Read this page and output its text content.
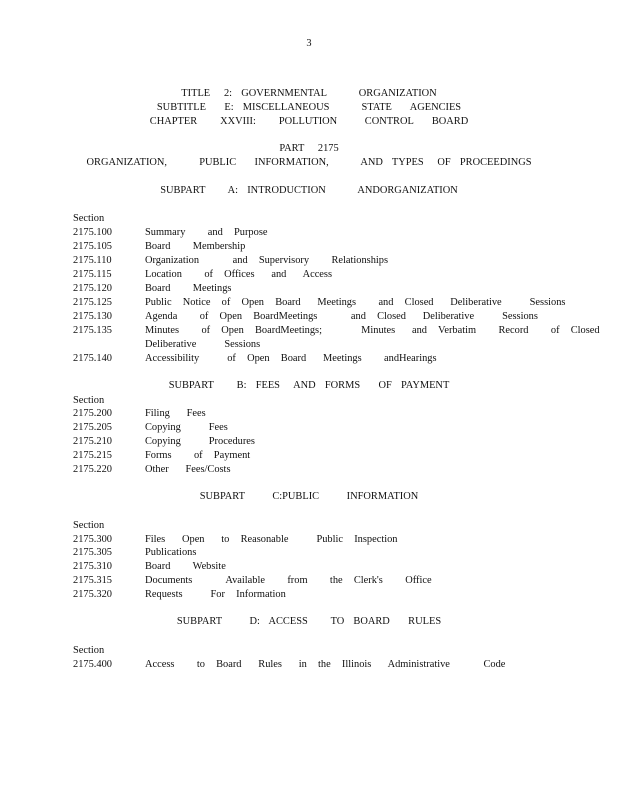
3
TITLE   2:  GOVERNMENTAL       ORGANIZATION
SUBTITLE    E:  MISCELLANEOUS       STATE    AGENCIES
CHAPTER     XXVIII:     POLLUTION      CONTROL    BOARD
PART   2175
ORGANIZATION,       PUBLIC    INFORMATION,       AND  TYPES   OF  PROCEEDINGS
SUBPART     A:  INTRODUCTION       ANDORGANIZATION
Section
2175.100	Summary    and  Purpose
2175.105	Board    Membership
2175.110	Organization      and  Supervisory    Relationships
2175.115	Location    of  Offices   and   Access
2175.120	Board    Meetings
2175.125	Public  Notice  of  Open  Board   Meetings    and  Closed   Deliberative     Sessions
2175.130	Agenda    of  Open  BoardMeetings      and  Closed   Deliberative     Sessions
2175.135	Minutes    of  Open  BoardMeetings;       Minutes   and  Verbatim    Record    of  Closed
Deliberative     Sessions
2175.140	Accessibility     of  Open  Board   Meetings    andHearings
SUBPART     B:  FEES   AND  FORMS    OF  PAYMENT
Section
2175.200	Filing   Fees
2175.205	Copying     Fees
2175.210	Copying     Procedures
2175.215	Forms    of  Payment
2175.220	Other   Fees/Costs
SUBPART      C:PUBLIC      INFORMATION
Section
2175.300	Files   Open   to  Reasonable     Public  Inspection
2175.305	Publications
2175.310	Board    Website
2175.315	Documents      Available    from    the  Clerk's    Office
2175.320	Requests     For  Information
SUBPART      D:  ACCESS     TO  BOARD    RULES
Section
2175.400	Access    to  Board   Rules   in  the  Illinois   Administrative      Code
